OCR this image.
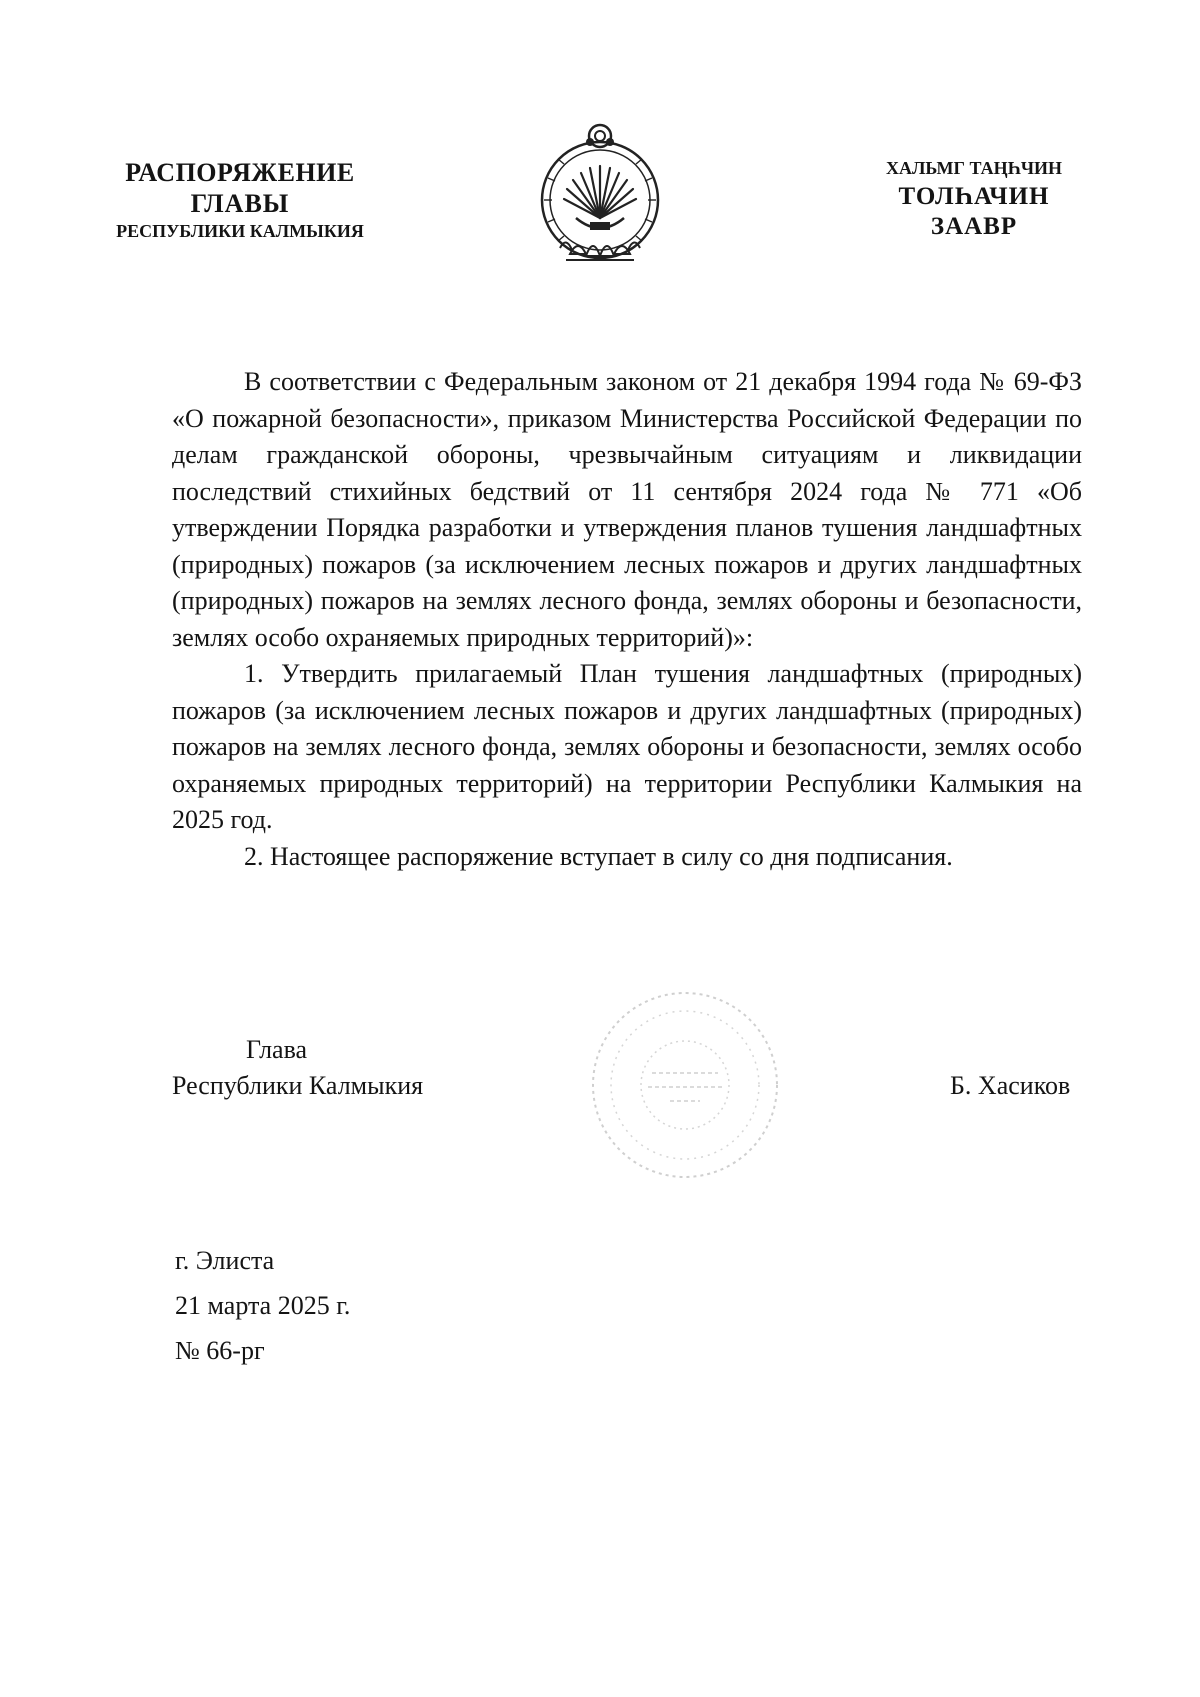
РАСПОРЯЖЕНИЕ
ГЛАВЫ
РЕСПУБЛИКИ КАЛМЫКИЯ
ХАЛЬМГ ТАҢҺЧИН
ТОЛҺАЧИН
ЗААВР

В соответствии с Федеральным законом от 21 декабря 1994 года № 69-ФЗ «О пожарной безопасности», приказом Министерства Российской Федерации по делам гражданской обороны, чрезвычайным ситуациям и ликвидации последствий стихийных бедствий от 11 сентября 2024 года № 771 «Об утверждении Порядка разработки и утверждения планов тушения ландшафтных (природных) пожаров (за исключением лесных пожаров и других ландшафтных (природных) пожаров на землях лесного фонда, землях обороны и безопасности, землях особо охраняемых природных территорий)»:

1. Утвердить прилагаемый План тушения ландшафтных (природных) пожаров (за исключением лесных пожаров и других ландшафтных (природных) пожаров на землях лесного фонда, землях обороны и безопасности, землях особо охраняемых природных территорий) на территории Республики Калмыкия на 2025 год.

2. Настоящее распоряжение вступает в силу со дня подписания.

Глава
Республики Калмыкия	Б. Хасиков
г. Элиста
21 марта 2025 г.
№ 66-рг
